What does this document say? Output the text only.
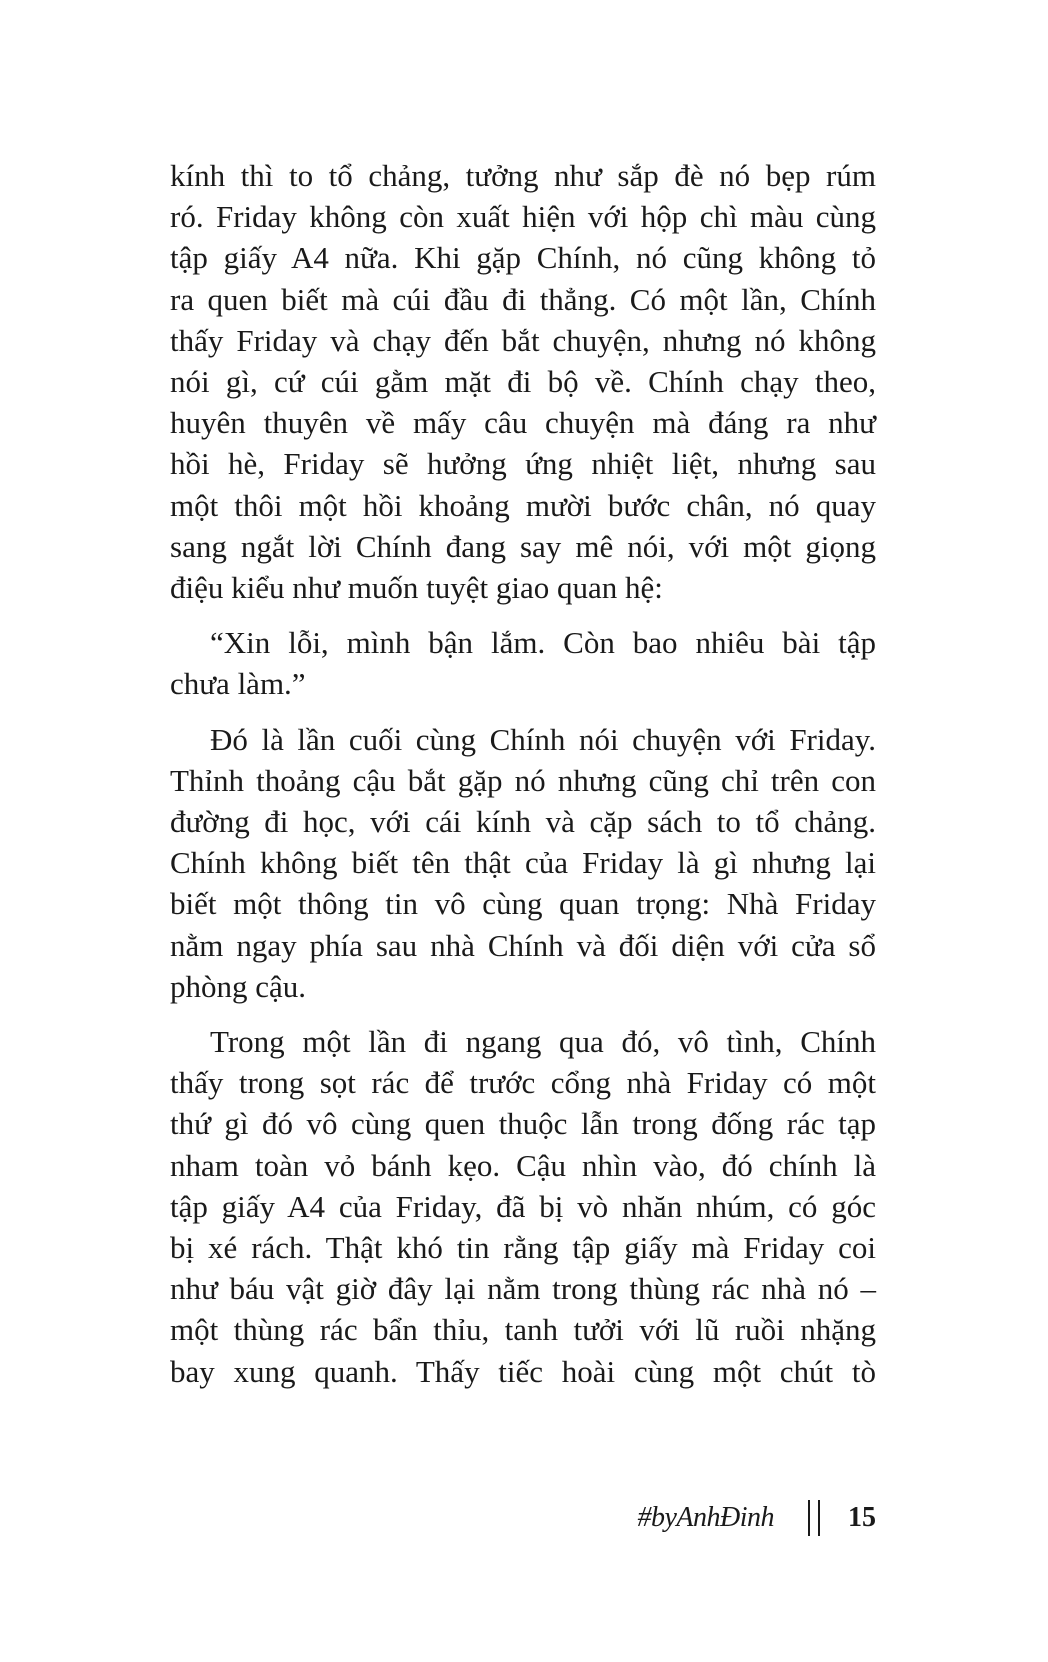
kính thì to tổ chảng, tưởng như sắp đè nó bẹp rúm
ró. Friday không còn xuất hiện với hộp chì màu cùng
tập giấy A4 nữa. Khi gặp Chính, nó cũng không tỏ
ra quen biết mà cúi đầu đi thẳng. Có một lần, Chính
thấy Friday và chạy đến bắt chuyện, nhưng nó không
nói gì, cứ cúi gằm mặt đi bộ về. Chính chạy theo,
huyên thuyên về mấy câu chuyện mà đáng ra như
hồi hè, Friday sẽ hưởng ứng nhiệt liệt, nhưng sau
một thôi một hồi khoảng mười bước chân, nó quay
sang ngắt lời Chính đang say mê nói, với một giọng
điệu kiểu như muốn tuyệt giao quan hệ:
“Xin lỗi, mình bận lắm. Còn bao nhiêu bài tập
chưa làm.”
Đó là lần cuối cùng Chính nói chuyện với Friday.
Thỉnh thoảng cậu bắt gặp nó nhưng cũng chỉ trên con
đường đi học, với cái kính và cặp sách to tổ chảng.
Chính không biết tên thật của Friday là gì nhưng lại
biết một thông tin vô cùng quan trọng: Nhà Friday
nằm ngay phía sau nhà Chính và đối diện với cửa sổ
phòng cậu.
Trong một lần đi ngang qua đó, vô tình, Chính
thấy trong sọt rác để trước cổng nhà Friday có một
thứ gì đó vô cùng quen thuộc lẫn trong đống rác tạp
nham toàn vỏ bánh kẹo. Cậu nhìn vào, đó chính là
tập giấy A4 của Friday, đã bị vò nhăn nhúm, có góc
bị xé rách. Thật khó tin rằng tập giấy mà Friday coi
như báu vật giờ đây lại nằm trong thùng rác nhà nó –
một thùng rác bẩn thỉu, tanh tưởi với lũ ruồi nhặng
bay xung quanh. Thấy tiếc hoài cùng một chút tò
#byAnhĐinh	15
